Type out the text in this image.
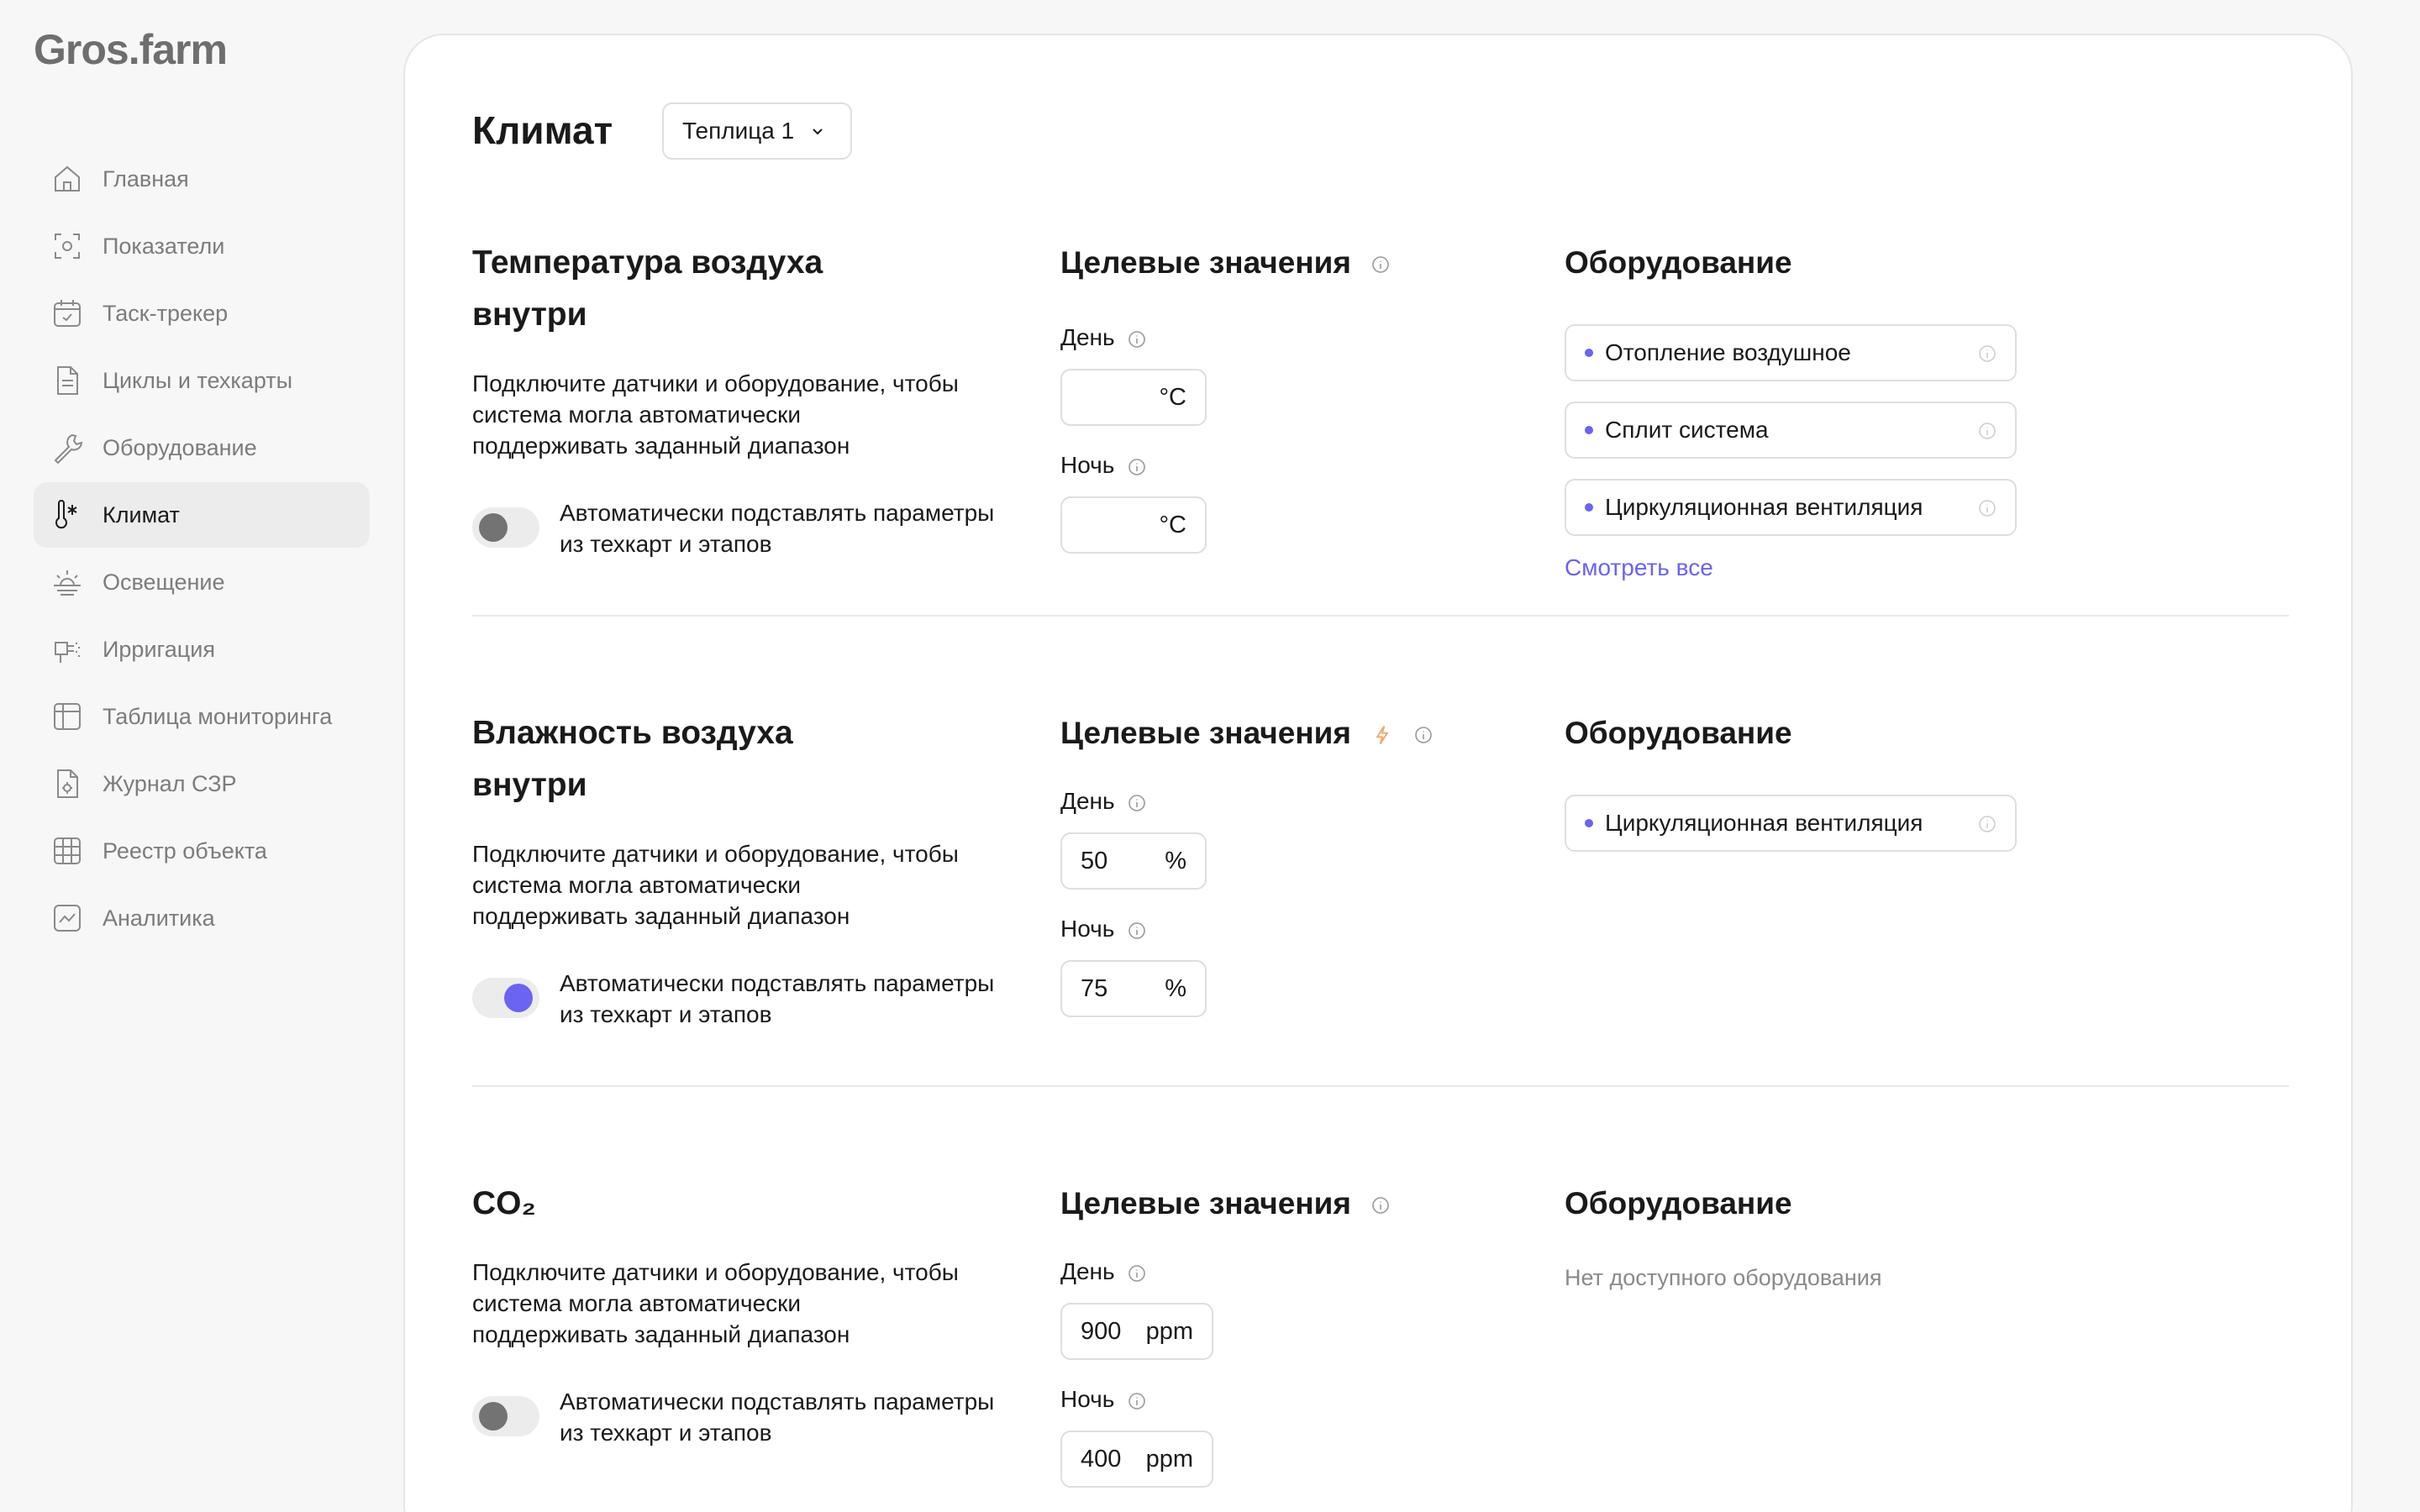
Gros.farm
Главная
Показатели
Таск-трекер
Циклы и техкарты
Оборудование
Климат
Освещение
Ирригация
Таблица мониторинга
Журнал СЗР
Реестр объекта
Аналитика
Климат	Теплица 1
Температура воздуха внутри
Подключите датчики и оборудование, чтобы система могла автоматически поддерживать заданный диапазон
Автоматически подставлять параметры из техкарт и этапов
Целевые значения
День
°C
Ночь
°C
Оборудование
Отопление воздушное
Сплит система
Циркуляционная вентиляция
Смотреть все
Влажность воздуха внутри
Подключите датчики и оборудование, чтобы система могла автоматически поддерживать заданный диапазон
Автоматически подставлять параметры из техкарт и этапов
Целевые значения
День
50 %
Ночь
75 %
Оборудование
Циркуляционная вентиляция
CO₂
Подключите датчики и оборудование, чтобы система могла автоматически поддерживать заданный диапазон
Автоматически подставлять параметры из техкарт и этапов
Целевые значения
День
900 ppm
Ночь
400 ppm
Оборудование
Нет доступного оборудования
